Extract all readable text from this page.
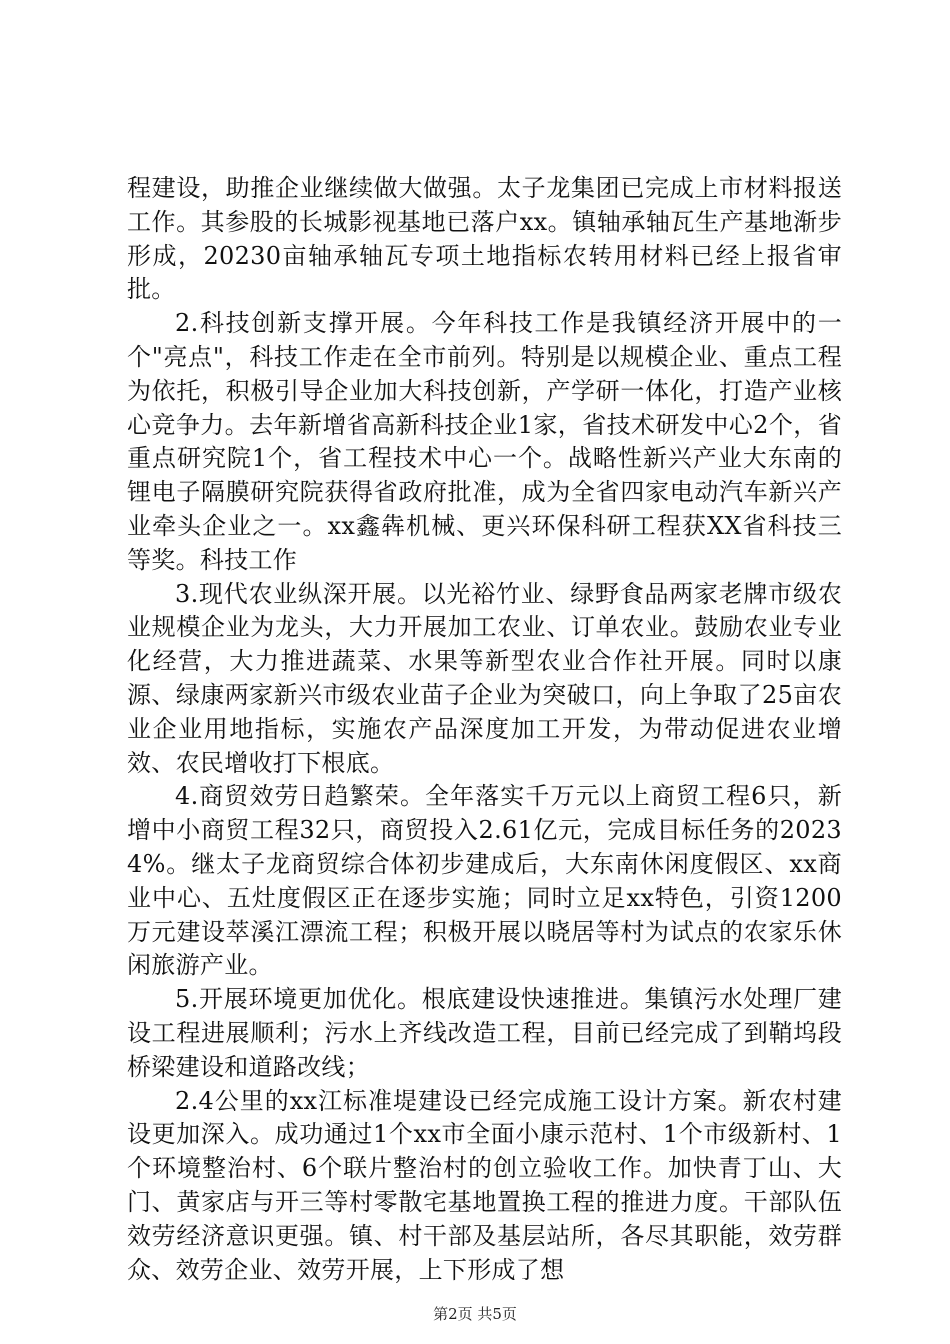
程建设，助推企业继续做大做强。太子龙集团已完成上市材料报送工作。其参股的长城影视基地已落户xx。镇轴承轴瓦生产基地渐步形成，20230亩轴承轴瓦专项土地指标农转用材料已经上报省审批。

2.科技创新支撑开展。今年科技工作是我镇经济开展中的一个"亮点"，科技工作走在全市前列。特别是以规模企业、重点工程为依托，积极引导企业加大科技创新，产学研一体化，打造产业核心竞争力。去年新增省高新科技企业1家，省技术研发中心2个，省重点研究院1个，省工程技术中心一个。战略性新兴产业大东南的锂电子隔膜研究院获得省政府批准，成为全省四家电动汽车新兴产业牵头企业之一。xx鑫犇机械、更兴环保科研工程获XX省科技三等奖。科技工作

3.现代农业纵深开展。以光裕竹业、绿野食品两家老牌市级农业规模企业为龙头，大力开展加工农业、订单农业。鼓励农业专业化经营，大力推进蔬菜、水果等新型农业合作社开展。同时以康源、绿康两家新兴市级农业苗子企业为突破口，向上争取了25亩农业企业用地指标，实施农产品深度加工开发，为带动促进农业增效、农民增收打下根底。

4.商贸效劳日趋繁荣。全年落实千万元以上商贸工程6只，新增中小商贸工程32只，商贸投入2.61亿元，完成目标任务的20234%。继太子龙商贸综合体初步建成后，大东南休闲度假区、xx商业中心、五灶度假区正在逐步实施；同时立足xx特色，引资1200万元建设萃溪江漂流工程；积极开展以晓居等村为试点的农家乐休闲旅游产业。

5.开展环境更加优化。根底建设快速推进。集镇污水处理厂建设工程进展顺利；污水上齐线改造工程，目前已经完成了到鞘坞段桥梁建设和道路改线；

2.4公里的xx江标准堤建设已经完成施工设计方案。新农村建设更加深入。成功通过1个xx市全面小康示范村、1个市级新村、1个环境整治村、6个联片整治村的创立验收工作。加快青丁山、大门、黄家店与开三等村零散宅基地置换工程的推进力度。干部队伍效劳经济意识更强。镇、村干部及基层站所，各尽其职能，效劳群众、效劳企业、效劳开展，上下形成了想

第2页 共5页
